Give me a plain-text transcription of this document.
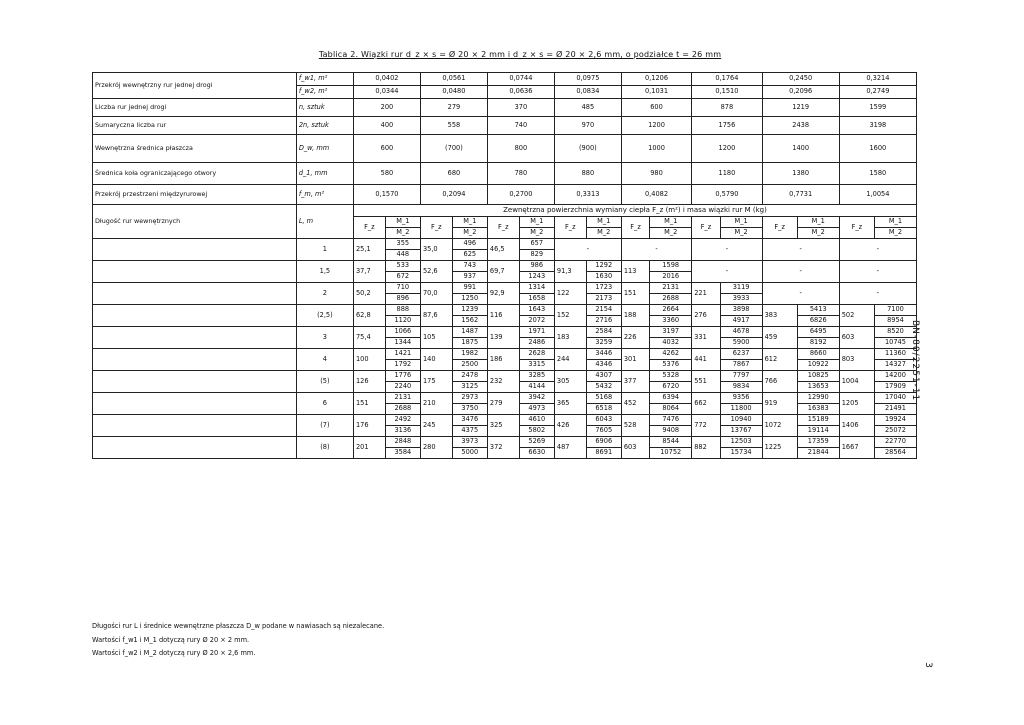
Tablica 2. Wiązki rur d_z × s = Ø 20 × 2 mm i d_z × s = Ø 20 × 2,6 mm, o podziałce t = 26 mm
BN-80/2251-11
3
Przekrój wewnętrzny rur jednej drogi	f_w1, m²	0,0402		0,0561		0,0744		0,0975		0,1206		0,1764		0,2450		0,3214	
	f_w2, m²	0,0344		0,0480		0,0636		0,0834		0,1031		0,1510		0,2096		0,2749	
Liczba rur jednej drogi	n, sztuk	200		279		370		485		600		878		1219		1599	
Sumaryczna liczba rur	2n, sztuk	400		558		740		970		1200		1756		2438		3198	
Wewnętrzna średnica płaszcza	D_w, mm	600		(700)		800		(900)		1000		1200		1400		1600	
Średnica koła ograniczającego otwory	d_1, mm	580		680		780		880		980		1180		1380		1580	
Przekrój przestrzeni międzyrurowej	f_m, m²	0,1570		0,2094		0,2700		0,3313		0,4082		0,5790		0,7731		1,0054	
Długość rur wewnętrznych	L, m	Zewnętrzna powierzchnia wymiany ciepła F_z (m²) i masa wiązki rur M (kg)															
		F_z	M_1	F_z	M_1	F_z	M_1	F_z	M_1	F_z	M_1	F_z	M_1	F_z	M_1	F_z	M_1
			M_2		M_2		M_2		M_2		M_2		M_2		M_2		M_2
	1	25,1	355	35,0	496	46,5	657	-		-		-		-		-	
			448		625		829										
	1,5	37,7	533	52,6	743	69,7	986	91,3	1292	113	1598	-		-		-	
			672		937		1243		1630		2016						
	2	50,2	710	70,0	991	92,9	1314	122	1723	151	2131	221	3119	-		-	
			896		1250		1658		2173		2688		3933				
	(2,5)	62,8	888	87,6	1239	116	1643	152	2154	188	2664	276	3898	383	5413	502	7100
			1120		1562		2072		2716		3360		4917		6826		8954
	3	75,4	1066	105	1487	139	1971	183	2584	226	3197	331	4678	459	6495	603	8520
			1344		1875		2486		3259		4032		5900		8192		10745
	4	100	1421	140	1982	186	2628	244	3446	301	4262	441	6237	612	8660	803	11360
			1792		2500		3315		4346		5376		7867		10922		14327
	(5)	126	1776	175	2478	232	3285	305	4307	377	5328	551	7797	766	10825	1004	14200
			2240		3125		4144		5432		6720		9834		13653		17909
	6	151	2131	210	2973	279	3942	365	5168	452	6394	662	9356	919	12990	1205	17040
			2688		3750		4973		6518		8064		11800		16383		21491
	(7)	176	2492	245	3476	325	4610	426	6043	528	7476	772	10940	1072	15189	1406	19924
			3136		4375		5802		7605		9408		13767		19114		25072
	(8)	201	2848	280	3973	372	5269	487	6906	603	8544	882	12503	1225	17359	1667	22770
			3584		5000		6630		8691		10752		15734		21844		28564
Długości rur L i średnice wewnętrzne płaszcza D_w podane w nawiasach są niezalecane.
Wartości f_w1 i M_1 dotyczą rury Ø 20 × 2 mm.
Wartości f_w2 i M_2 dotyczą rury Ø 20 × 2,6 mm.
